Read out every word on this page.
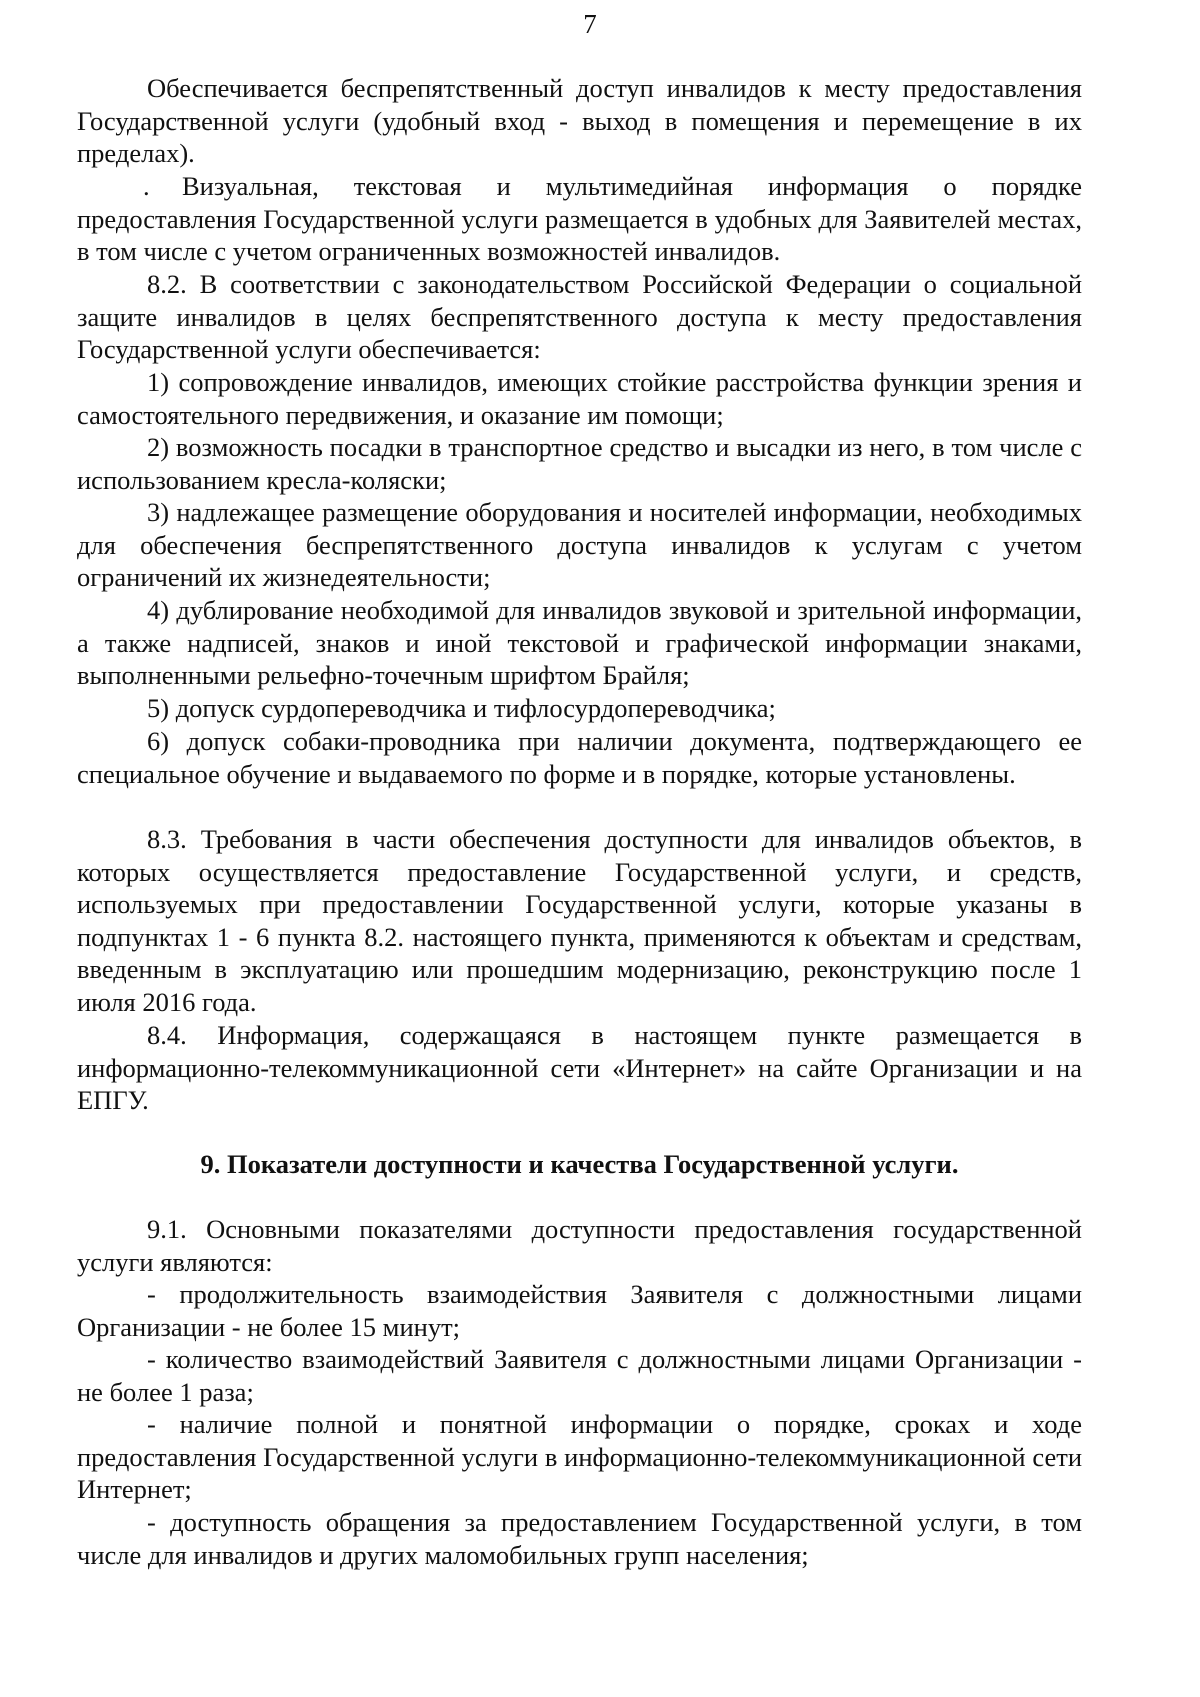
7

Обеспечивается беспрепятственный доступ инвалидов к месту предоставления Государственной услуги (удобный вход - выход в помещения и перемещение в их пределах).

.	Визуальная, текстовая и мультимедийная информация о порядке предоставления Государственной услуги размещается в удобных для Заявителей местах, в том числе с учетом ограниченных возможностей инвалидов.

8.2. В соответствии с законодательством Российской Федерации о социальной защите инвалидов в целях беспрепятственного доступа к месту предоставления Государственной услуги обеспечивается:

1) сопровождение инвалидов, имеющих стойкие расстройства функции зрения и самостоятельного передвижения, и оказание им помощи;

2) возможность посадки в транспортное средство и высадки из него, в том числе с использованием кресла-коляски;

3) надлежащее размещение оборудования и носителей информации, необходимых для обеспечения беспрепятственного доступа инвалидов к услугам с учетом ограничений их жизнедеятельности;

4) дублирование необходимой для инвалидов звуковой и зрительной информации, а также надписей, знаков и иной текстовой и графической информации знаками, выполненными рельефно-точечным шрифтом Брайля;

5) допуск сурдопереводчика и тифлосурдопереводчика;

6) допуск собаки-проводника при наличии документа, подтверждающего ее специальное обучение и выдаваемого по форме и в порядке, которые установлены.

8.3. Требования в части обеспечения доступности для инвалидов объектов, в которых осуществляется предоставление Государственной услуги, и средств, используемых при предоставлении Государственной услуги, которые указаны в подпунктах 1 - 6 пункта 8.2. настоящего пункта, применяются к объектам и средствам, введенным в эксплуатацию или прошедшим модернизацию, реконструкцию после 1 июля 2016 года.

8.4. Информация, содержащаяся в настоящем пункте размещается в информационно-телекоммуникационной сети «Интернет» на сайте Организации и на ЕПГУ.

9. Показатели доступности и качества Государственной услуги.

9.1. Основными показателями доступности предоставления государственной услуги являются:

- продолжительность взаимодействия Заявителя с должностными лицами Организации - не более 15 минут;

- количество взаимодействий Заявителя с должностными лицами Организации - не более 1 раза;

- наличие полной и понятной информации о порядке, сроках и ходе предоставления Государственной услуги в информационно-телекоммуникационной сети Интернет;

- доступность обращения за предоставлением Государственной услуги, в том числе для инвалидов и других маломобильных групп населения;
